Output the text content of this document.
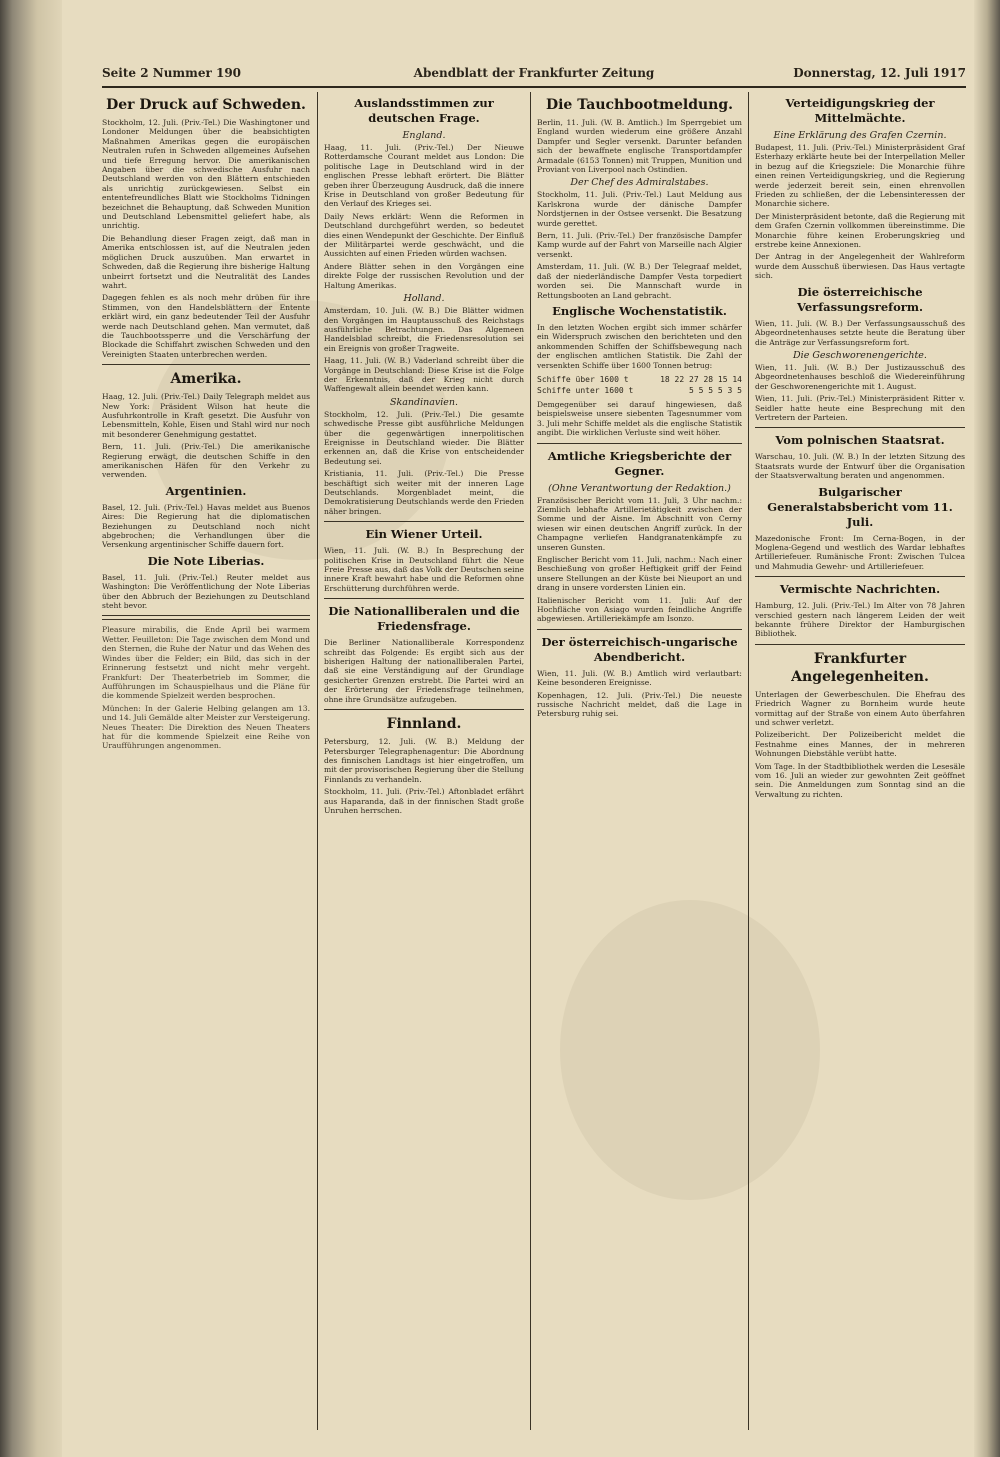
Seite 2 Nummer 190	Abendblatt der Frankfurter Zeitung	Donnerstag, 12. Juli 1917
Der Druck auf Schweden.

Stockholm, 12. Juli. (Priv.-Tel.) Die Washingtoner und Londoner Meldungen über die beabsichtigten Maßnahmen Amerikas gegen die europäischen Neutralen rufen in Schweden allgemeines Aufsehen und tiefe Erregung hervor. Die amerikanischen Angaben über die schwedische Ausfuhr nach Deutschland werden von den Blättern entschieden als unrichtig zurückgewiesen. Selbst ein ententefreundliches Blatt wie Stockholms Tidningen bezeichnet die Behauptung, daß Schweden Munition und Deutschland Lebensmittel geliefert habe, als unrichtig.

Die Behandlung dieser Fragen zeigt, daß man in Amerika entschlossen ist, auf die Neutralen jeden möglichen Druck auszuüben. Man erwartet in Schweden, daß die Regierung ihre bisherige Haltung unbeirrt fortsetzt und die Neutralität des Landes wahrt.

Dagegen fehlen es als noch mehr drüben für ihre Stimmen, von den Handelsblättern der Entente erklärt wird, ein ganz bedeutender Teil der Ausfuhr werde nach Deutschland gehen. Man vermutet, daß die Tauchbootssperre und die Verschärfung der Blockade die Schiffahrt zwischen Schweden und den Vereinigten Staaten unterbrechen werden.

Amerika.

Haag, 12. Juli. (Priv.-Tel.) Daily Telegraph meldet aus New York: Präsident Wilson hat heute die Ausfuhrkontrolle in Kraft gesetzt. Die Ausfuhr von Lebensmitteln, Kohle, Eisen und Stahl wird nur noch mit besonderer Genehmigung gestattet.

Bern, 11. Juli. (Priv.-Tel.) Die amerikanische Regierung erwägt, die deutschen Schiffe in den amerikanischen Häfen für den Verkehr zu verwenden.

Argentinien.

Basel, 12. Juli. (Priv.-Tel.) Havas meldet aus Buenos Aires: Die Regierung hat die diplomatischen Beziehungen zu Deutschland noch nicht abgebrochen; die Verhandlungen über die Versenkung argentinischer Schiffe dauern fort.

Die Note Liberias.

Basel, 11. Juli. (Priv.-Tel.) Reuter meldet aus Washington: Die Veröffentlichung der Note Liberias über den Abbruch der Beziehungen zu Deutschland steht bevor.

Pleasure mirabilis, die Ende April bei warmem Wetter. Feuilleton: Die Tage zwischen dem Mond und den Sternen, die Ruhe der Natur und das Wehen des Windes über die Felder; ein Bild, das sich in der Erinnerung festsetzt und nicht mehr vergeht. Frankfurt: Der Theaterbetrieb im Sommer, die Aufführungen im Schauspielhaus und die Pläne für die kommende Spielzeit werden besprochen.

München: In der Galerie Helbing gelangen am 13. und 14. Juli Gemälde alter Meister zur Versteigerung. Neues Theater: Die Direktion des Neuen Theaters hat für die kommende Spielzeit eine Reihe von Uraufführungen angenommen.

Auslandsstimmen zur deutschen Frage.
England.

Haag, 11. Juli. (Priv.-Tel.) Der Nieuwe Rotterdamsche Courant meldet aus London: Die politische Lage in Deutschland wird in der englischen Presse lebhaft erörtert. Die Blätter geben ihrer Überzeugung Ausdruck, daß die innere Krise in Deutschland von großer Bedeutung für den Verlauf des Krieges sei.

Daily News erklärt: Wenn die Reformen in Deutschland durchgeführt werden, so bedeutet dies einen Wendepunkt der Geschichte. Der Einfluß der Militärpartei werde geschwächt, und die Aussichten auf einen Frieden würden wachsen.

Andere Blätter sehen in den Vorgängen eine direkte Folge der russischen Revolution und der Haltung Amerikas.

Holland.

Amsterdam, 10. Juli. (W. B.) Die Blätter widmen den Vorgängen im Hauptausschuß des Reichstags ausführliche Betrachtungen. Das Algemeen Handelsblad schreibt, die Friedensresolution sei ein Ereignis von großer Tragweite.

Haag, 11. Juli. (W. B.) Vaderland schreibt über die Vorgänge in Deutschland: Diese Krise ist die Folge der Erkenntnis, daß der Krieg nicht durch Waffengewalt allein beendet werden kann.

Skandinavien.

Stockholm, 12. Juli. (Priv.-Tel.) Die gesamte schwedische Presse gibt ausführliche Meldungen über die gegenwärtigen innerpolitischen Ereignisse in Deutschland wieder. Die Blätter erkennen an, daß die Krise von entscheidender Bedeutung sei.

Kristiania, 11. Juli. (Priv.-Tel.) Die Presse beschäftigt sich weiter mit der inneren Lage Deutschlands. Morgenbladet meint, die Demokratisierung Deutschlands werde den Frieden näher bringen.

Ein Wiener Urteil.

Wien, 11. Juli. (W. B.) In Besprechung der politischen Krise in Deutschland führt die Neue Freie Presse aus, daß das Volk der Deutschen seine innere Kraft bewahrt habe und die Reformen ohne Erschütterung durchführen werde.

Die Nationalliberalen und die Friedensfrage.

Die Berliner Nationalliberale Korrespondenz schreibt das Folgende: Es ergibt sich aus der bisherigen Haltung der nationalliberalen Partei, daß sie eine Verständigung auf der Grundlage gesicherter Grenzen erstrebt. Die Partei wird an der Erörterung der Friedensfrage teilnehmen, ohne ihre Grundsätze aufzugeben.

Finnland.

Petersburg, 12. Juli. (W. B.) Meldung der Petersburger Telegraphenagentur: Die Abordnung des finnischen Landtags ist hier eingetroffen, um mit der provisorischen Regierung über die Stellung Finnlands zu verhandeln.

Stockholm, 11. Juli. (Priv.-Tel.) Aftonbladet erfährt aus Haparanda, daß in der finnischen Stadt große Unruhen herrschen.

Die Tauchbootmeldung.

Berlin, 11. Juli. (W. B. Amtlich.) Im Sperrgebiet um England wurden wiederum eine größere Anzahl Dampfer und Segler versenkt. Darunter befanden sich der bewaffnete englische Transportdampfer Armadale (6153 Tonnen) mit Truppen, Munition und Proviant von Liverpool nach Ostindien.

Der Chef des Admiralstabes.

Stockholm, 11. Juli. (Priv.-Tel.) Laut Meldung aus Karlskrona wurde der dänische Dampfer Nordstjernen in der Ostsee versenkt. Die Besatzung wurde gerettet.

Bern, 11. Juli. (Priv.-Tel.) Der französische Dampfer Kamp wurde auf der Fahrt von Marseille nach Algier versenkt.

Amsterdam, 11. Juli. (W. B.) Der Telegraaf meldet, daß der niederländische Dampfer Vesta torpediert worden sei. Die Mannschaft wurde in Rettungsbooten an Land gebracht.

Englische Wochenstatistik.

In den letzten Wochen ergibt sich immer schärfer ein Widerspruch zwischen den berichteten und den ankommenden Schiffen der Schiffsbewegung nach der englischen amtlichen Statistik. Die Zahl der versenkten Schiffe über 1600 Tonnen betrug:

Schiffe über 1600 t	18 22 27 28 15 14
Schiffe unter 1600 t	5 5 5 5 3 5

Demgegenüber sei darauf hingewiesen, daß beispielsweise unsere siebenten Tagesnummer vom 3. Juli mehr Schiffe meldet als die englische Statistik angibt. Die wirklichen Verluste sind weit höher.

Amtliche Kriegsberichte der Gegner.
(Ohne Verantwortung der Redaktion.)

Französischer Bericht vom 11. Juli, 3 Uhr nachm.: Ziemlich lebhafte Artillerietätigkeit zwischen der Somme und der Aisne. Im Abschnitt von Cerny wiesen wir einen deutschen Angriff zurück. In der Champagne verliefen Handgranatenkämpfe zu unseren Gunsten.

Englischer Bericht vom 11. Juli, nachm.: Nach einer Beschießung von großer Heftigkeit griff der Feind unsere Stellungen an der Küste bei Nieuport an und drang in unsere vordersten Linien ein.

Italienischer Bericht vom 11. Juli: Auf der Hochfläche von Asiago wurden feindliche Angriffe abgewiesen. Artilleriekämpfe am Isonzo.

Der österreichisch-ungarische Abendbericht.

Wien, 11. Juli. (W. B.) Amtlich wird verlautbart: Keine besonderen Ereignisse.

Kopenhagen, 12. Juli. (Priv.-Tel.) Die neueste russische Nachricht meldet, daß die Lage in Petersburg ruhig sei.

Verteidigungskrieg der Mittelmächte.
Eine Erklärung des Grafen Czernin.

Budapest, 11. Juli. (Priv.-Tel.) Ministerpräsident Graf Esterhazy erklärte heute bei der Interpellation Meller in bezug auf die Kriegsziele: Die Monarchie führe einen reinen Verteidigungskrieg, und die Regierung werde jederzeit bereit sein, einen ehrenvollen Frieden zu schließen, der die Lebensinteressen der Monarchie sichere.

Der Ministerpräsident betonte, daß die Regierung mit dem Grafen Czernin vollkommen übereinstimme. Die Monarchie führe keinen Eroberungskrieg und erstrebe keine Annexionen.

Der Antrag in der Angelegenheit der Wahlreform wurde dem Ausschuß überwiesen. Das Haus vertagte sich.

Die österreichische Verfassungsreform.

Wien, 11. Juli. (W. B.) Der Verfassungsausschuß des Abgeordnetenhauses setzte heute die Beratung über die Anträge zur Verfassungsreform fort.

Die Geschworenengerichte.

Wien, 11. Juli. (W. B.) Der Justizausschuß des Abgeordnetenhauses beschloß die Wiedereinführung der Geschworenengerichte mit 1. August.

Wien, 11. Juli. (Priv.-Tel.) Ministerpräsident Ritter v. Seidler hatte heute eine Besprechung mit den Vertretern der Parteien.

Vom polnischen Staatsrat.

Warschau, 10. Juli. (W. B.) In der letzten Sitzung des Staatsrats wurde der Entwurf über die Organisation der Staatsverwaltung beraten und angenommen.

Bulgarischer Generalstabsbericht vom 11. Juli.

Mazedonische Front: Im Cerna-Bogen, in der Moglena-Gegend und westlich des Wardar lebhaftes Artilleriefeuer. Rumänische Front: Zwischen Tulcea und Mahmudia Gewehr- und Artilleriefeuer.

Vermischte Nachrichten.

Hamburg, 12. Juli. (Priv.-Tel.) Im Alter von 78 Jahren verschied gestern nach längerem Leiden der weit bekannte frühere Direktor der Hamburgischen Bibliothek.

Frankfurter Angelegenheiten.

Unterlagen der Gewerbeschulen. Die Ehefrau des Friedrich Wagner zu Bornheim wurde heute vormittag auf der Straße von einem Auto überfahren und schwer verletzt.

Polizeibericht. Der Polizeibericht meldet die Festnahme eines Mannes, der in mehreren Wohnungen Diebstähle verübt hatte.

Vom Tage. In der Stadtbibliothek werden die Lesesäle vom 16. Juli an wieder zur gewohnten Zeit geöffnet sein. Die Anmeldungen zum Sonntag sind an die Verwaltung zu richten.
